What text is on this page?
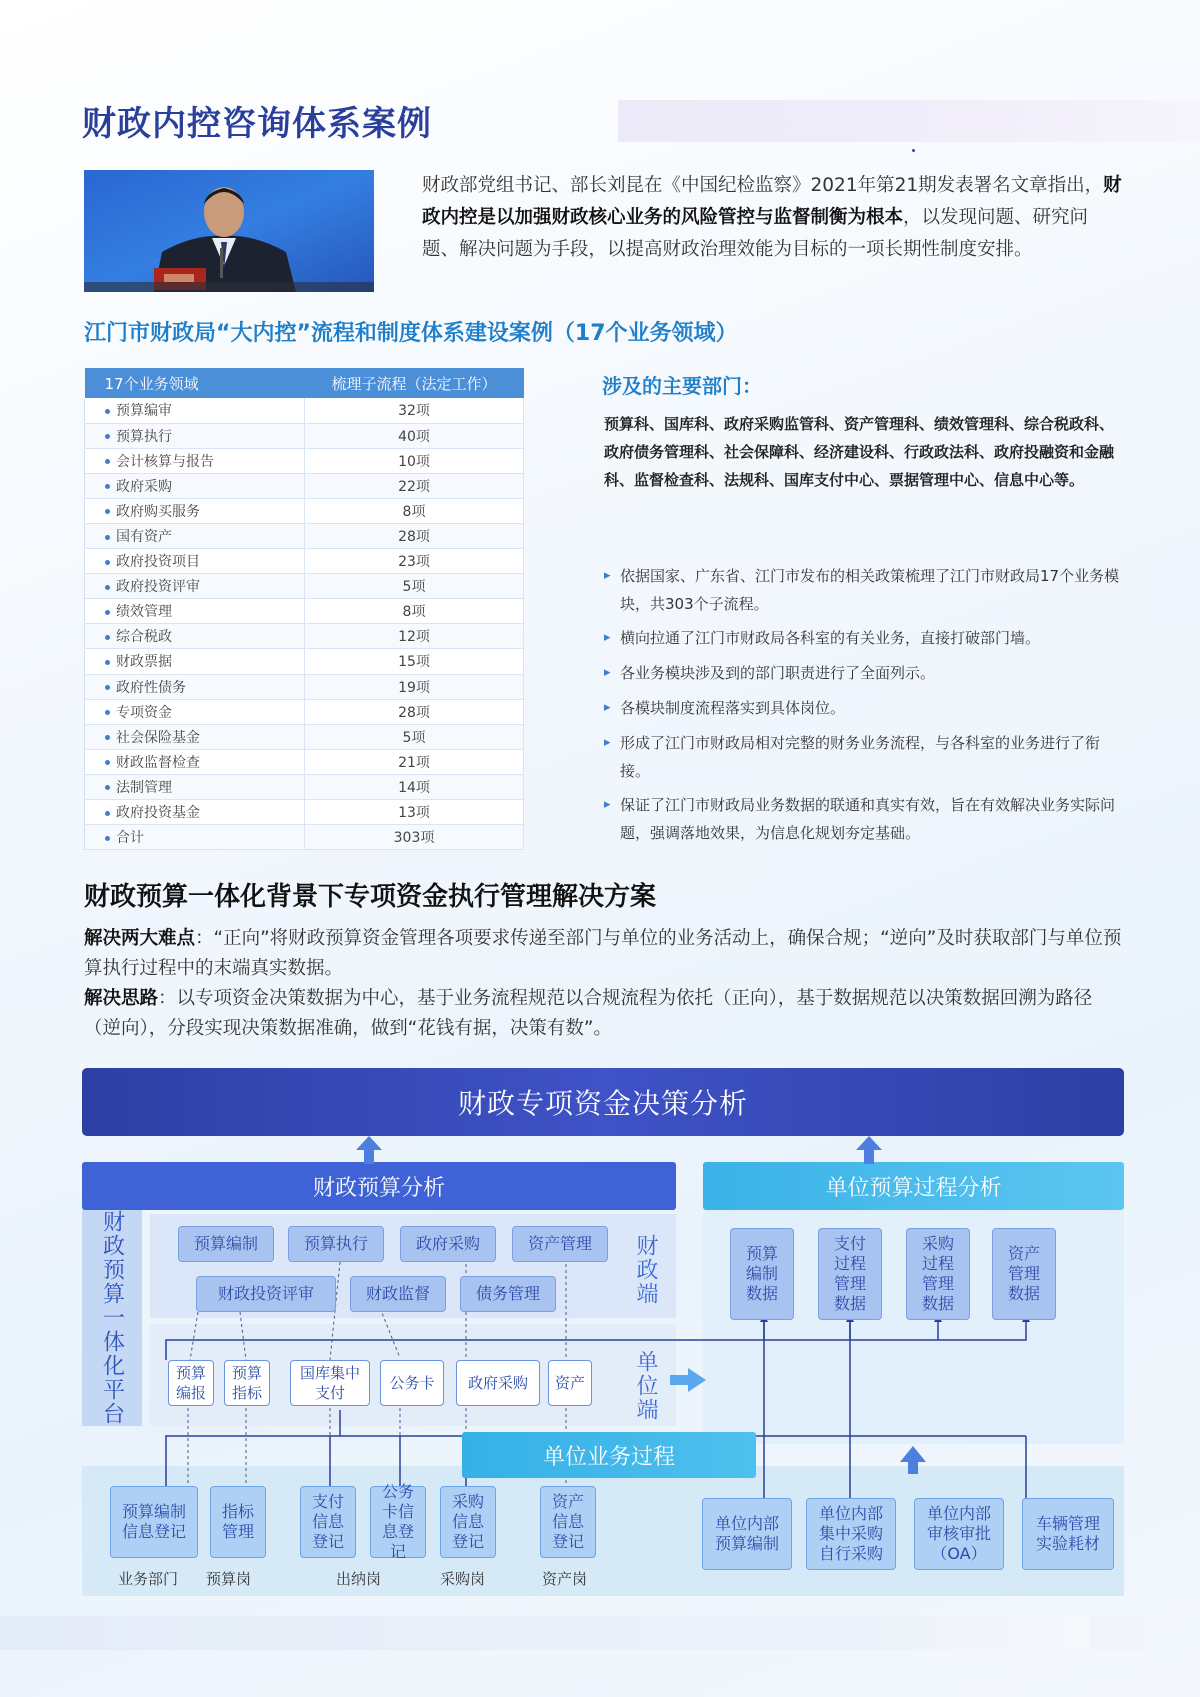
财政内控咨询体系案例

财政部党组书记、部长刘昆在《中国纪检监察》2021年第21期发表署名文章指出，财政内控是以加强财政核心业务的风险管控与监督制衡为根本，以发现问题、研究问题、解决问题为手段，以提高财政治理效能为目标的一项长期性制度安排。

江门市财政局“大内控”流程和制度体系建设案例（17个业务领域）
17个业务领域	梳理子流程（法定工作）
预算编审	32项
预算执行	40项
会计核算与报告	10项
政府采购	22项
政府购买服务	8项
国有资产	28项
政府投资项目	23项
政府投资评审	5项
绩效管理	8项
综合税政	12项
财政票据	15项
政府性债务	19项
专项资金	28项
社会保险基金	5项
财政监督检查	21项
法制管理	14项
政府投资基金	13项
合计	303项
涉及的主要部门：

预算科、国库科、政府采购监管科、资产管理科、绩效管理科、综合税政科、政府债务管理科、社会保障科、经济建设科、行政政法科、政府投融资和金融科、监督检查科、法规科、国库支付中心、票据管理中心、信息中心等。

▸ 依据国家、广东省、江门市发布的相关政策梳理了江门市财政局17个业务模块，共303个子流程。
▸ 横向拉通了江门市财政局各科室的有关业务，直接打破部门墙。
▸ 各业务模块涉及到的部门职责进行了全面列示。
▸ 各模块制度流程落实到具体岗位。
▸ 形成了江门市财政局相对完整的财务业务流程，与各科室的业务进行了衔接。
▸ 保证了江门市财政局业务数据的联通和真实有效，旨在有效解决业务实际问题，强调落地效果，为信息化规划夯定基础。
财政预算一体化背景下专项资金执行管理解决方案

解决两大难点：“正向”将财政预算资金管理各项要求传递至部门与单位的业务活动上，确保合规；“逆向”及时获取部门与单位预算执行过程中的末端真实数据。

解决思路：以专项资金决策数据为中心，基于业务流程规范以合规流程为依托（正向），基于数据规范以决策数据回溯为路径（逆向），分段实现决策数据准确，做到“花钱有据，决策有数”。

财政专项资金决策分析
财政预算分析	单位预算过程分析
财政预算一体化平台	财政端
单位端
预算编制	预算执行	政府采购	资产管理
财政投资评审	财政监督	债务管理
预算编报
预算指标
国库集中支付
公务卡	政府采购	资产
预算编制数据
支付过程管理数据
采购过程管理数据
资产管理数据
单位业务过程
预算编制信息登记
指标管理
支付信息登记
公务卡信息登记
采购信息登记
资产信息登记
单位内部预算编制
单位内部集中采购自行采购
单位内部审核审批（OA）
车辆管理实验耗材
业务部门 预算岗	出纳岗	采购岗	资产岗
